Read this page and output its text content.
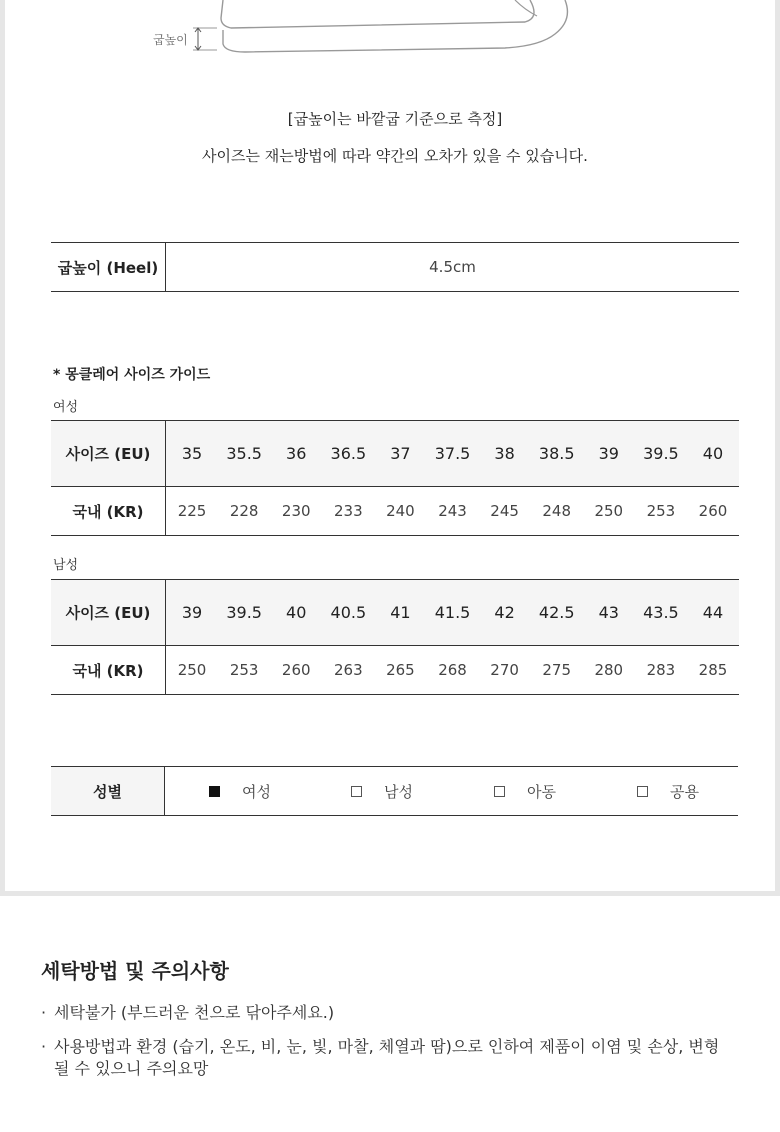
굽높이
[굽높이는 바깥굽 기준으로 측정]
사이즈는 재는방법에 따라 약간의 오차가 있을 수 있습니다.
굽높이 (Heel)	4.5cm
* 몽클레어 사이즈 가이드
여성
사이즈 (EU)	35	35.5	36	36.5	37	37.5	38	38.5	39	39.5	40
국내 (KR)	225	228	230	233	240	243	245	248	250	253	260
남성
사이즈 (EU)	39	39.5	40	40.5	41	41.5	42	42.5	43	43.5	44
국내 (KR)	250	253	260	263	265	268	270	275	280	283	285
성별	여성	남성	아동	공용
세탁방법 및 주의사항
· 세탁불가 (부드러운 천으로 닦아주세요.)
· 사용방법과 환경 (습기, 온도, 비, 눈, 빛, 마찰, 체열과 땀)으로 인하여 제품이 이염 및 손상, 변형될 수 있으니 주의요망
